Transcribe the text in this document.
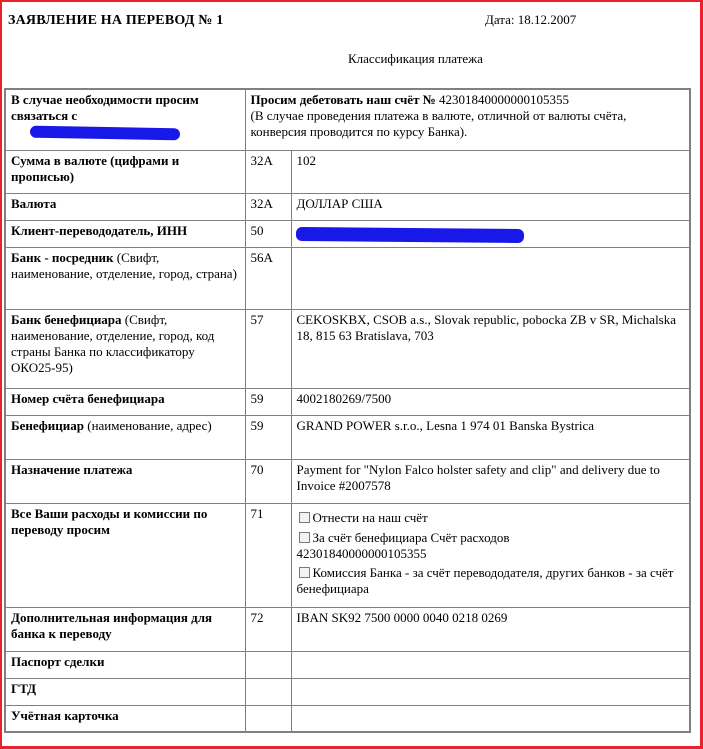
ЗАЯВЛЕНИЕ НА ПЕРЕВОД № 1	Дата: 18.12.2007
Классификация платежа
В случае необходимости просим связаться с	Просим дебетовать наш счёт № 42301840000000105355
(В случае проведения платежа в валюте, отличной от валюты счёта, конверсия проводится по курсу Банка).	
Сумма в валюте (цифрами и прописью)	32A	102
Валюта	32A	ДОЛЛАР США
Клиент-перевододатель, ИНН	50	
Банк - посредник (Свифт, наименование, отделение, город, страна)	56A	
Банк бенефициара (Свифт, наименование, отделение, город, код страны Банка по классификатору ОКО25-95)	57	CEKOSKBX, CSOB a.s., Slovak republic, pobocka ZB v SR, Michalska 18, 815 63 Bratislava, 703
Номер счёта бенефициара	59	4002180269/7500
Бенефициар (наименование, адрес)	59	GRAND POWER s.r.o., Lesna 1 974 01 Banska Bystrica
Назначение платежа	70	Payment for "Nylon Falco holster safety and clip" and delivery due to Invoice #2007578
Все Ваши расходы и комиссии по переводу просим	71	Отнести на наш счёт
За счёт бенефициара Счёт расходов
42301840000000105355
Комиссия Банка - за счёт перевододателя, других банков - за счёт бенефициара

Дополнительная информация для банка к переводу	72	IBAN SK92 7500 0000 0040 0218 0269
Паспорт сделки		
ГТД		
Учётная карточка		
